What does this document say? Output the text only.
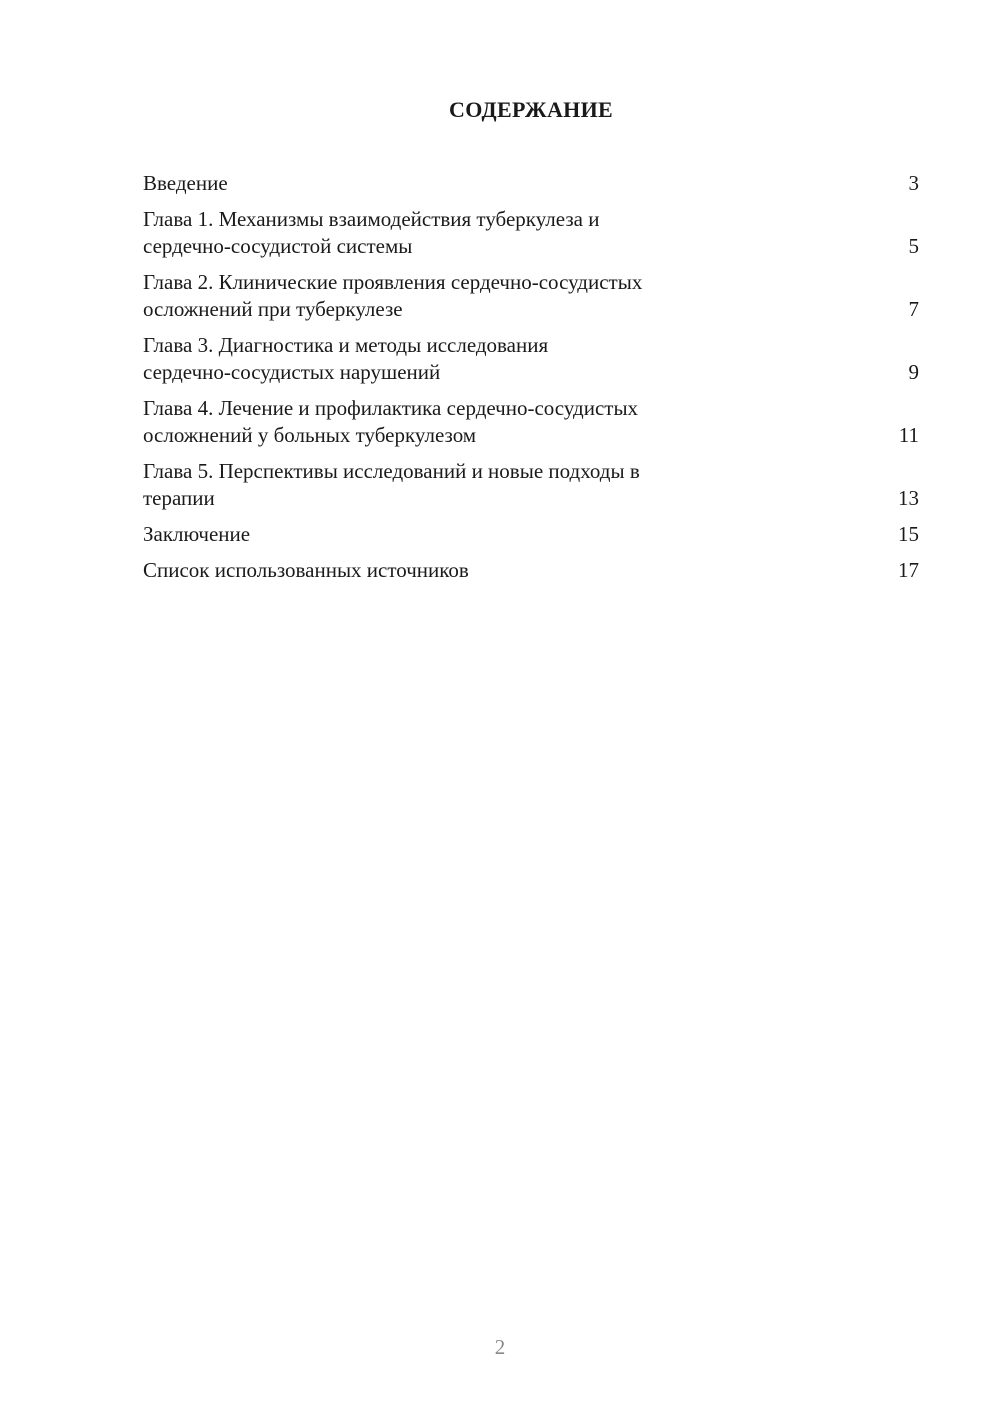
СОДЕРЖАНИЕ
Введение	3
Глава 1. Механизмы взаимодействия туберкулеза и
сердечно-сосудистой системы	5
Глава 2. Клинические проявления сердечно-сосудистых
осложнений при туберкулезе	7
Глава 3. Диагностика и методы исследования
сердечно-сосудистых нарушений	9
Глава 4. Лечение и профилактика сердечно-сосудистых
осложнений у больных туберкулезом	11
Глава 5. Перспективы исследований и новые подходы в
терапии	13
Заключение	15
Список использованных источников	17
2
